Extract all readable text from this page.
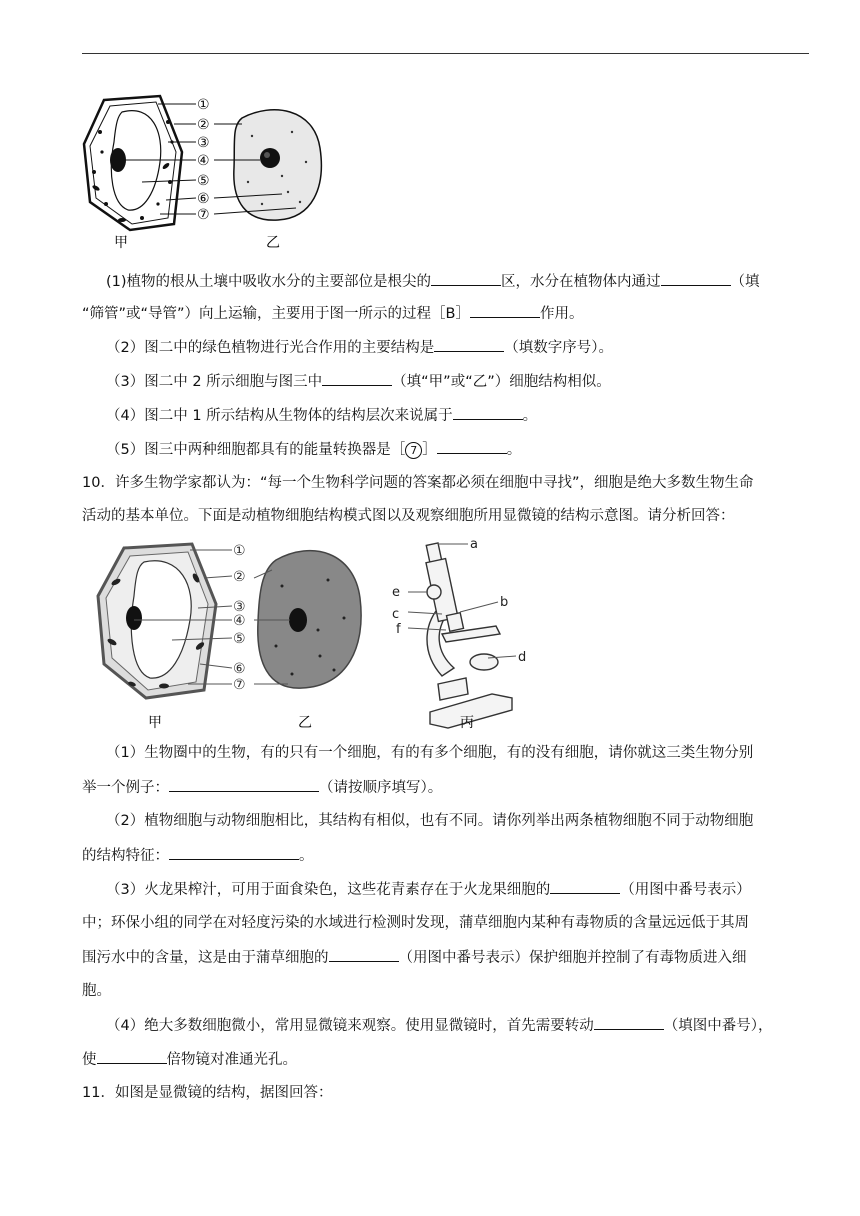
①
②
③
④
⑤
⑥
⑦
甲	乙
(1)植物的根从土壤中吸收水分的主要部位是根尖的	区，水分在植物体内通过	（填
“筛管”或“导管”）向上运输，主要用于图一所示的过程［B］	作用。
（2）图二中的绿色植物进行光合作用的主要结构是	（填数字序号）。
（3）图二中 2 所示细胞与图三中	（填“甲”或“乙”）细胞结构相似。
（4）图二中 1 所示结构从生物体的结构层次来说属于	。
（5）图三中两种细胞都具有的能量转换器是［ 7 ］	。
10．许多生物学家都认为：“每一个生物科学问题的答案都必须在细胞中寻找”，细胞是绝大多数生物生命
活动的基本单位。下面是动植物细胞结构模式图以及观察细胞所用显微镜的结构示意图。请分析回答：
①
②
③
④
⑤
⑥
⑦
a
b
c
d
e
f
甲	乙	丙
（1）生物圈中的生物，有的只有一个细胞，有的有多个细胞，有的没有细胞，请你就这三类生物分别
举一个例子：	（请按顺序填写）。
（2）植物细胞与动物细胞相比，其结构有相似，也有不同。请你列举出两条植物细胞不同于动物细胞
的结构特征：	。
（3）火龙果榨汁，可用于面食染色，这些花青素存在于火龙果细胞的	（用图中番号表示）
中；环保小组的同学在对轻度污染的水域进行检测时发现，蒲草细胞内某种有毒物质的含量远远低于其周
围污水中的含量，这是由于蒲草细胞的	（用图中番号表示）保护细胞并控制了有毒物质进入细
胞。
（4）绝大多数细胞微小，常用显微镜来观察。使用显微镜时，首先需要转动	（填图中番号），
使	倍物镜对准通光孔。
11．如图是显微镜的结构，据图回答：
